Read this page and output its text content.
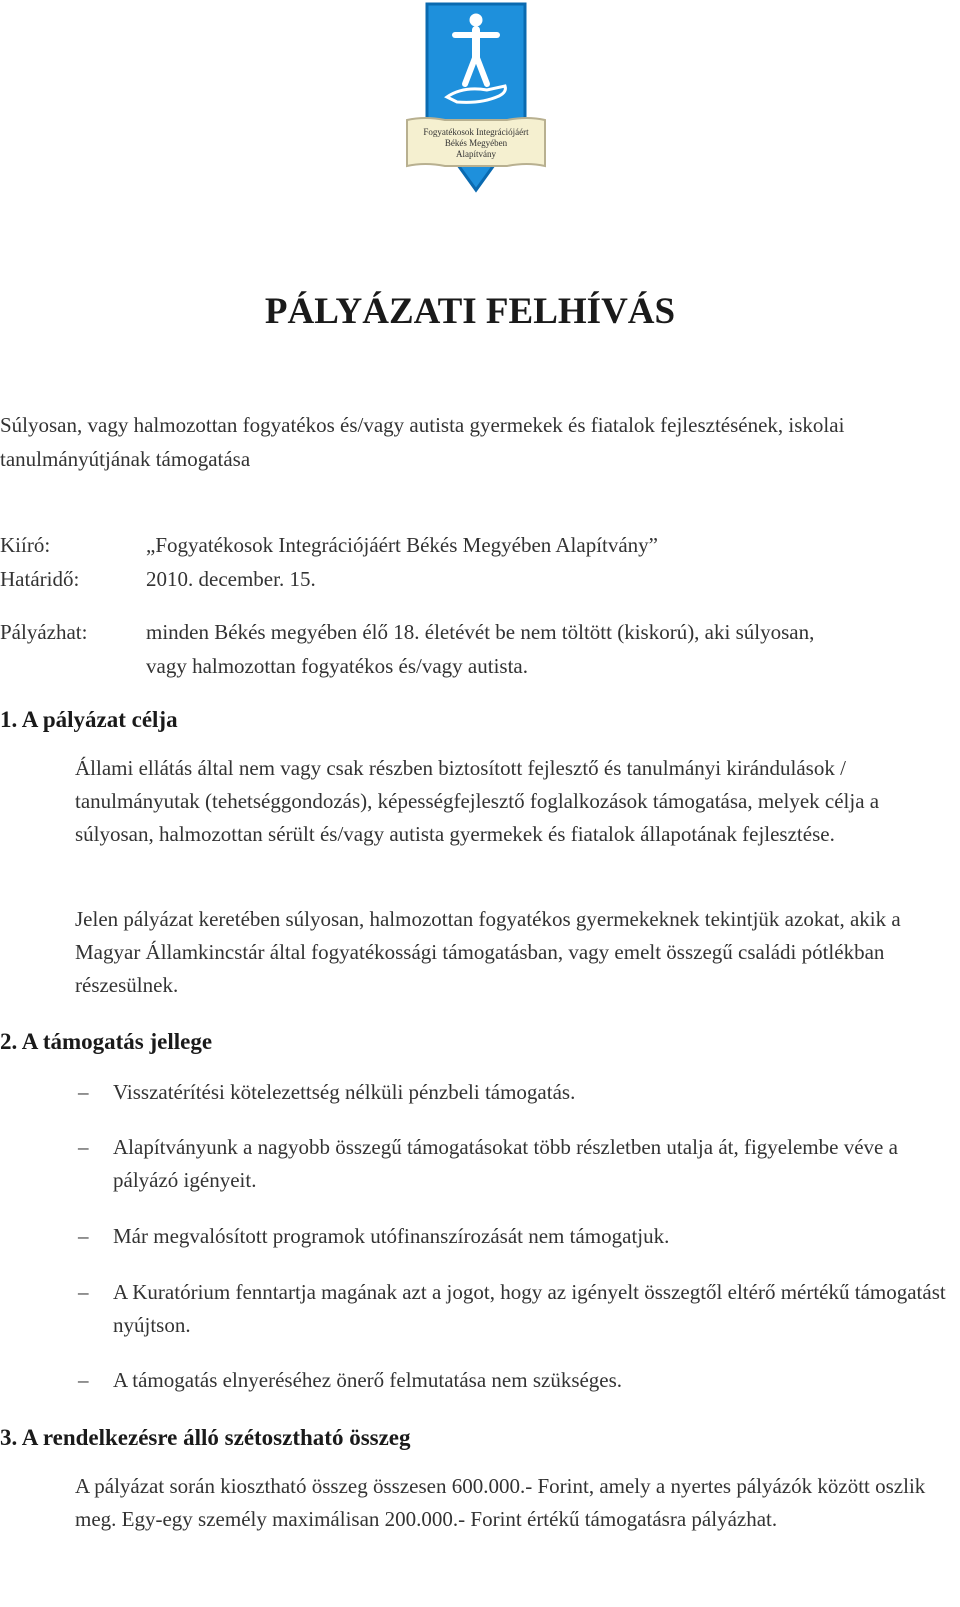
Fogyatékosok Integrációjáért
Békés Megyében
Alapítvány
PÁLYÁZATI FELHÍVÁS
Súlyosan, vagy halmozottan fogyatékos és/vagy autista gyermekek és fiatalok fejlesztésének, iskolai tanulmányútjának támogatása
Kiíró:	„Fogyatékosok Integrációjáért Békés Megyében Alapítvány”
Határidő:	2010. december. 15.
Pályázhat:	minden Békés megyében élő 18. életévét be nem töltött (kiskorú), aki súlyosan,
vagy halmozottan fogyatékos és/vagy autista.
1. A pályázat célja

Állami ellátás által nem vagy csak részben biztosított fejlesztő és tanulmányi kirándulások / tanulmányutak (tehetséggondozás), képességfejlesztő foglalkozások támogatása, melyek célja a súlyosan, halmozottan sérült és/vagy autista gyermekek és fiatalok állapotának fejlesztése.

Jelen pályázat keretében súlyosan, halmozottan fogyatékos gyermekeknek tekintjük azokat, akik a Magyar Államkincstár által fogyatékossági támogatásban, vagy emelt összegű családi pótlékban részesülnek.

2. A támogatás jellege
– Visszatérítési kötelezettség nélküli pénzbeli támogatás.
– Alapítványunk a nagyobb összegű támogatásokat több részletben utalja át, figyelembe véve a pályázó igényeit.
– Már megvalósított programok utófinanszírozását nem támogatjuk.
– A Kuratórium fenntartja magának azt a jogot, hogy az igényelt összegtől eltérő mértékű támogatást nyújtson.
– A támogatás elnyeréséhez önerő felmutatása nem szükséges.
3. A rendelkezésre álló szétosztható összeg

A pályázat során kiosztható összeg összesen 600.000.- Forint, amely a nyertes pályázók között oszlik meg. Egy-egy személy maximálisan 200.000.- Forint értékű támogatásra pályázhat.
